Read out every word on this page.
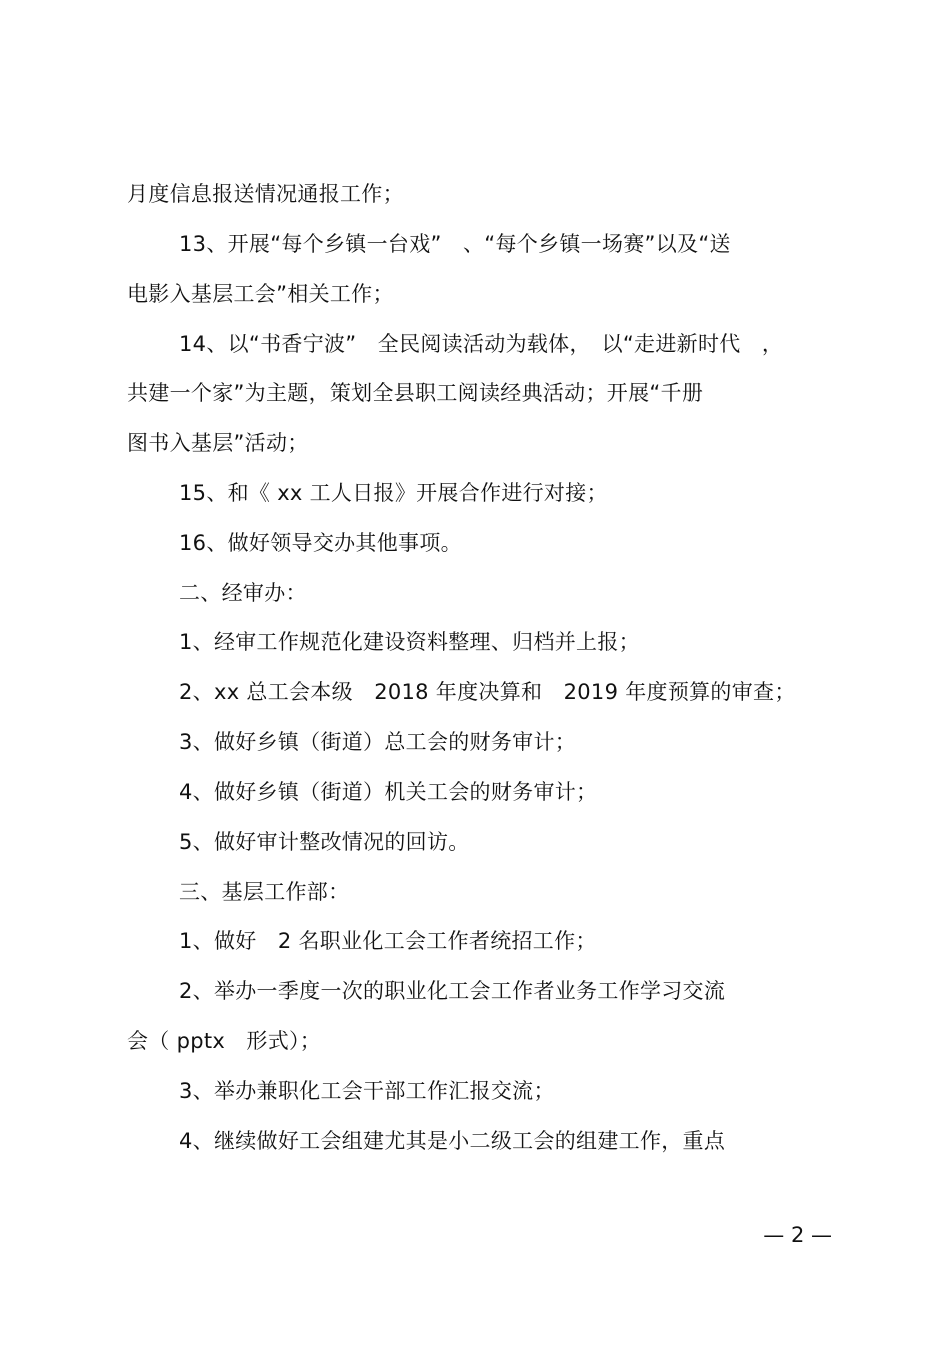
月度信息报送情况通报工作；
13、开展“每个乡镇一台戏”　、“每个乡镇一场赛”以及“送
电影入基层工会”相关工作；
14、以“书香宁波”　全民阅读活动为载体，　以“走进新时代　，
共建一个家”为主题，策划全县职工阅读经典活动；开展“千册
图书入基层”活动；
15、和《 xx 工人日报》开展合作进行对接；
16、做好领导交办其他事项。
二、经审办：
1、经审工作规范化建设资料整理、归档并上报；
2、xx 总工会本级　2018 年度决算和　2019 年度预算的审查；
3、做好乡镇（街道）总工会的财务审计；
4、做好乡镇（街道）机关工会的财务审计；
5、做好审计整改情况的回访。
三、基层工作部：
1、做好　2 名职业化工会工作者统招工作；
2、举办一季度一次的职业化工会工作者业务工作学习交流
会（ pptx　形式）；
3、举办兼职化工会干部工作汇报交流；
4、继续做好工会组建尤其是小二级工会的组建工作，重点
— 2 —
